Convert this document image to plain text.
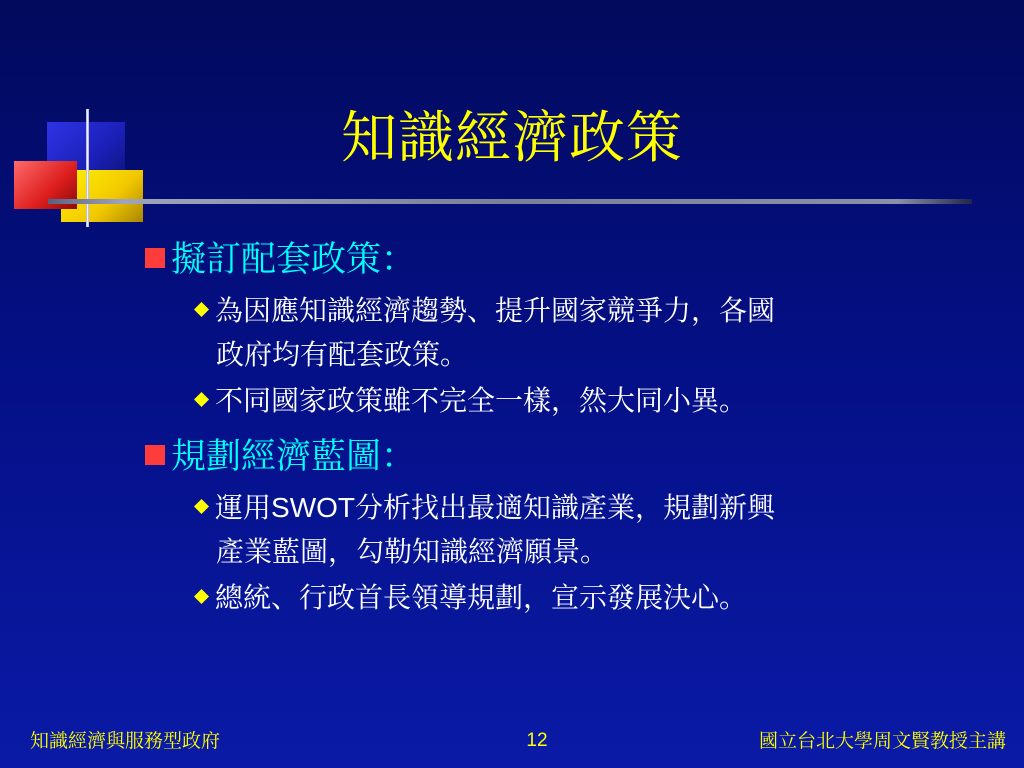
知識經濟政策
擬訂配套政策：
為因應知識經濟趨勢、提升國家競爭力，各國
政府均有配套政策。
不同國家政策雖不完全一樣，然大同小異。
規劃經濟藍圖：
運用SWOT分析找出最適知識產業，規劃新興
產業藍圖，勾勒知識經濟願景。
總統、行政首長領導規劃，宣示發展決心。
知識經濟與服務型政府	12	國立台北大學周文賢教授主講
